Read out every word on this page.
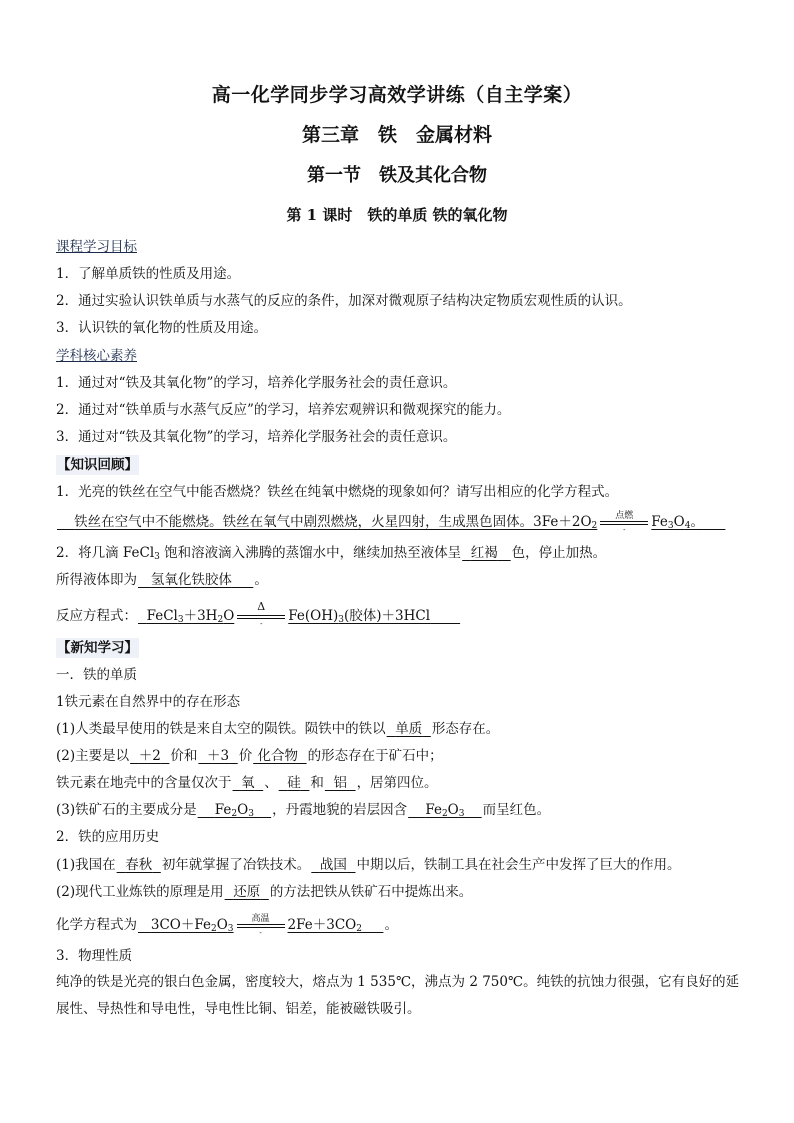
高一化学同步学习高效学讲练（自主学案）
第三章　铁　金属材料
第一节　铁及其化合物
第 1 课时　铁的单质 铁的氧化物
课程学习目标
1．了解单质铁的性质及用途。
2．通过实验认识铁单质与水蒸气的反应的条件，加深对微观原子结构决定物质宏观性质的认识。
3．认识铁的氧化物的性质及用途。
学科核心素养
1．通过对“铁及其氧化物”的学习，培养化学服务社会的责任意识。
2．通过对“铁单质与水蒸气反应”的学习，培养宏观辨识和微观探究的能力。
3．通过对“铁及其氧化物”的学习，培养化学服务社会的责任意识。
【知识回顾】
1．光亮的铁丝在空气中能否燃烧？铁丝在纯氧中燃烧的现象如何？请写出相应的化学方程式。
铁丝在空气中不能燃烧。铁丝在氧气中剧烈燃烧，火星四射，生成黑色固体。$3Fe+2O_2$
点燃
-	$Fe_3O_4$。
2．将几滴 FeCl$_3$ 饱和溶液滴入沸腾的蒸馏水中，继续加热至液体呈 红褐 色，停止加热。
所得液体即为 氢氧化铁胶体 。
反应方程式： $FeCl_3+3H_2O$
Δ
-	$Fe(OH)_3$(胶体)＋3HCl
【新知学习】
一．铁的单质
1铁元素在自然界中的存在形态
(1)人类最早使用的铁是来自太空的陨铁。陨铁中的铁以 单质 形态存在。
(2)主要是以 ＋2 价和 ＋3 价 化合物 的形态存在于矿石中；
铁元素在地壳中的含量仅次于 氧 、 硅 和 铝 ，居第四位。
(3)铁矿石的主要成分是 $Fe_2O_3$ ，丹霞地貌的岩层因含 $Fe_2O_3$ 而呈红色。
2．铁的应用历史
(1)我国在 春秋 初年就掌握了冶铁技术。 战国 中期以后，铁制工具在社会生产中发挥了巨大的作用。
(2)现代工业炼铁的原理是用 还原 的方法把铁从铁矿石中提炼出来。
化学方程式为 $3CO+Fe_2O_3$
高温
-	$2Fe+3CO_2$ 。
3．物理性质
纯净的铁是光亮的银白色金属，密度较大，熔点为 1 535℃，沸点为 2 750℃。纯铁的抗蚀力很强，它有良好的延展性、导热性和导电性，导电性比铜、铝差，能被磁铁吸引。
